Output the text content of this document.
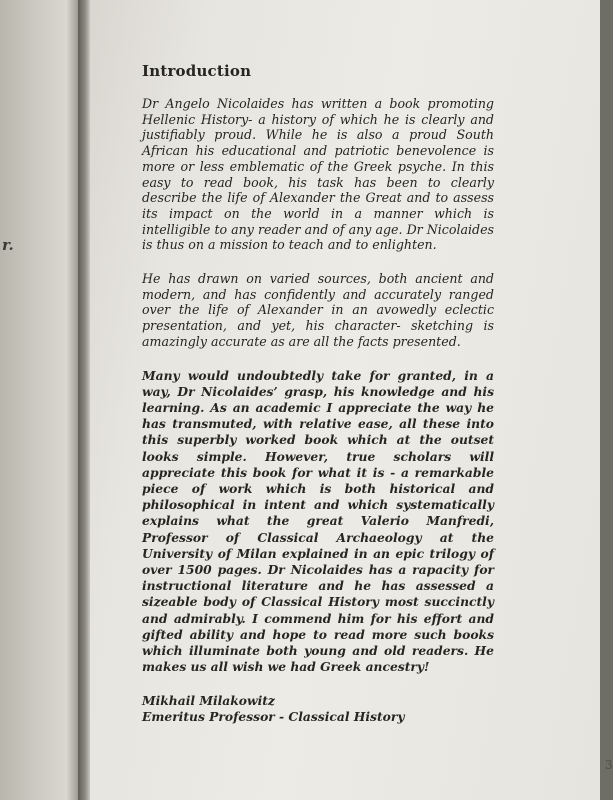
r.

Introduction

Dr Angelo Nicolaides has written a book promoting Hellenic History- a history of which he is clearly and justifiably proud. While he is also a proud South African his educational and patriotic benevolence is more or less emblematic of the Greek psyche. In this easy to read book, his task has been to clearly describe the life of Alexander the Great and to assess its impact on the world in a manner which is intelligible to any reader and of any age. Dr Nicolaides is thus on a mission to teach and to enlighten.

He has drawn on varied sources, both ancient and modern, and has confidently and accurately ranged over the life of Alexander in an avowedly eclectic presentation, and yet, his character- sketching is amazingly accurate as are all the facts presented.

Many would undoubtedly take for granted, in a way, Dr Nicolaides’ grasp, his knowledge and his learning. As an academic I appreciate the way he has transmuted, with relative ease, all these into this superbly worked book which at the outset looks simple. However, true scholars will appreciate this book for what it is - a remarkable piece of work which is both historical and philosophical in intent and which systematically explains what the great Valerio Manfredi, Professor of Classical Archaeology at the University of Milan explained in an epic trilogy of over 1500 pages. Dr Nicolaides has a rapacity for instructional literature and he has assessed a sizeable body of Classical History most succinctly and admirably. I commend him for his effort and gifted ability and hope to read more such books which illuminate both young and old readers. He makes us all wish we had Greek ancestry!

Mikhail Milakowitz

Emeritus Professor - Classical History

3
